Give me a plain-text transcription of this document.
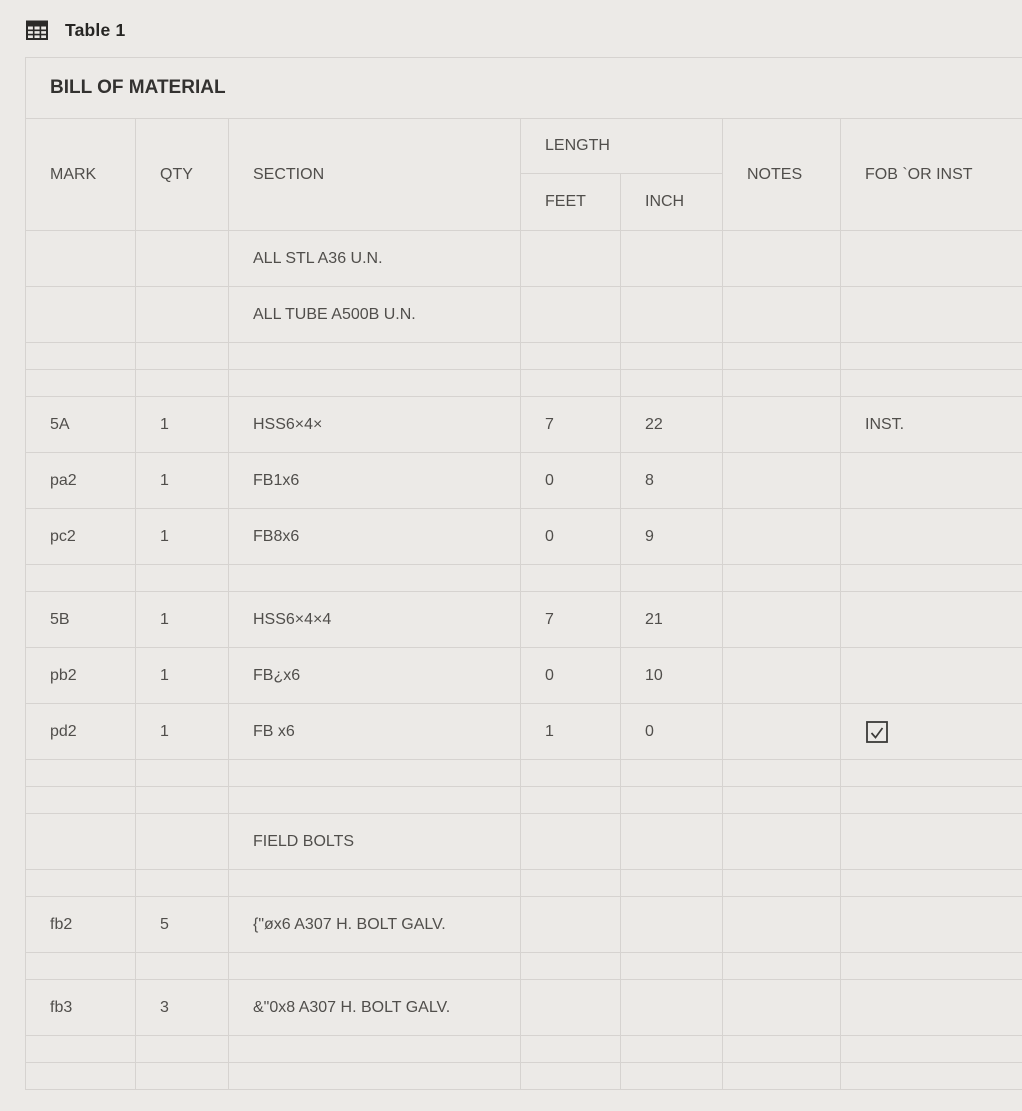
Table 1
BILL OF MATERIAL						
MARK	QTY	SECTION	LENGTH		NOTES	FOB `OR INST
			FEET	INCH		
		ALL STL A36 U.N.				
		ALL TUBE A500B U.N.				

5A	1	HSS6×4×	7	22		INST.
pa2	1	FB1x6	0	8		
pc2	1	FB8x6	0	9		

5B	1	HSS6×4×4	7	21		
pb2	1	FB¿x6	0	10		
pd2	1	FB x6	1	0		

		FIELD BOLTS				

fb2	5	{"øx6 A307 H. BOLT GALV.				

fb3	3	&"0x8 A307 H. BOLT GALV.				
